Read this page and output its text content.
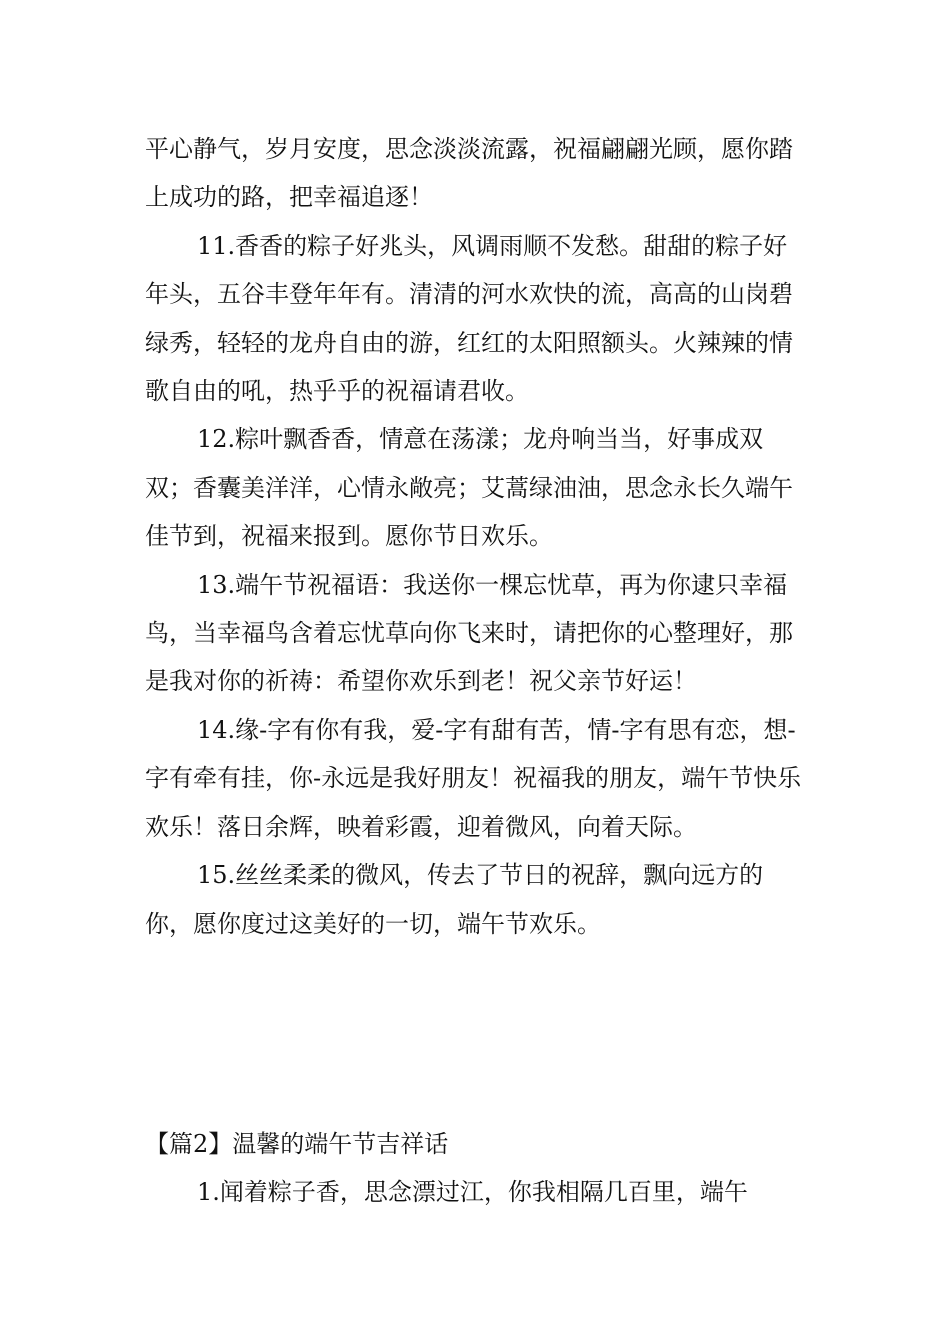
平心静气，岁月安度，思念淡淡流露，祝福翩翩光顾，愿你踏上成功的路，把幸福追逐！

11.香香的粽子好兆头，风调雨顺不发愁。甜甜的粽子好年头，五谷丰登年年有。清清的河水欢快的流，高高的山岗碧绿秀，轻轻的龙舟自由的游，红红的太阳照额头。火辣辣的情歌自由的吼，热乎乎的祝福请君收。

12.粽叶飘香香，情意在荡漾；龙舟响当当，好事成双双；香囊美洋洋，心情永敞亮；艾蒿绿油油，思念永长久端午佳节到，祝福来报到。愿你节日欢乐。

13.端午节祝福语：我送你一棵忘忧草，再为你逮只幸福鸟，当幸福鸟含着忘忧草向你飞来时，请把你的心整理好，那是我对你的祈祷：希望你欢乐到老！祝父亲节好运！

14.缘-字有你有我，爱-字有甜有苦，情-字有思有恋，想-字有牵有挂，你-永远是我好朋友！祝福我的朋友，端午节快乐欢乐！落日余辉，映着彩霞，迎着微风，向着天际。

15.丝丝柔柔的微风，传去了节日的祝辞，飘向远方的你，愿你度过这美好的一切，端午节欢乐。

【篇2】温馨的端午节吉祥话

1.闻着粽子香，思念漂过江，你我相隔几百里，端午
